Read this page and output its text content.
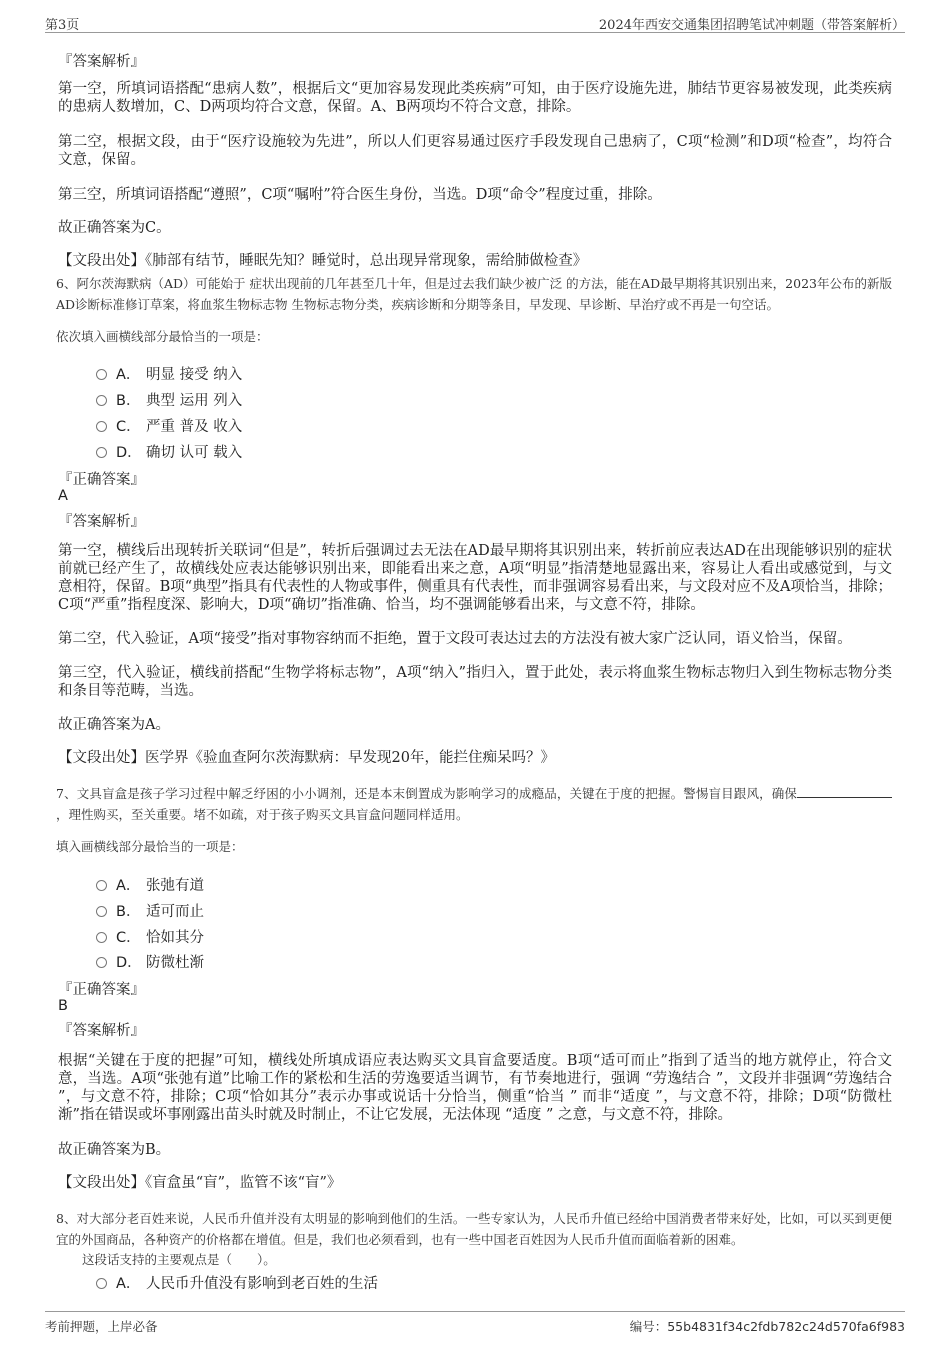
第3页	2024年西安交通集团招聘笔试冲刺题（带答案解析）
『答案解析』
第一空，所填词语搭配“患病人数”，根据后文“更加容易发现此类疾病”可知，由于医疗设施先进，肺结节更容易被发现，此类疾病的患病人数增加，C、D两项均符合文意，保留。A、B两项均不符合文意，排除。
第二空，根据文段，由于“医疗设施较为先进”，所以人们更容易通过医疗手段发现自己患病了，C项“检测”和D项“检查”，均符合文意，保留。
第三空，所填词语搭配“遵照”，C项“嘱咐”符合医生身份，当选。D项“命令”程度过重，排除。
故正确答案为C。
【文段出处】《肺部有结节，睡眠先知？睡觉时，总出现异常现象，需给肺做检查》
6、阿尔茨海默病（AD）可能始于 症状出现前的几年甚至几十年，但是过去我们缺少被广泛 的方法，能在AD最早期将其识别出来，2023年公布的新版AD诊断标准修订草案，将血浆生物标志物 生物标志物分类，疾病诊断和分期等条目，早发现、早诊断、早治疗或不再是一句空话。
依次填入画横线部分最恰当的一项是：
A． 明显 接受 纳入
B． 典型 运用 列入
C． 严重 普及 收入
D． 确切 认可 载入
『正确答案』
A
『答案解析』
第一空，横线后出现转折关联词“但是”，转折后强调过去无法在AD最早期将其识别出来，转折前应表达AD在出现能够识别的症状前就已经产生了，故横线处应表达能够识别出来，即能看出来之意，A项“明显”指清楚地显露出来，容易让人看出或感觉到，与文意相符，保留。B项“典型”指具有代表性的人物或事件，侧重具有代表性，而非强调容易看出来，与文段对应不及A项恰当，排除；C项“严重”指程度深、影响大，D项“确切”指准确、恰当，均不强调能够看出来，与文意不符，排除。
第二空，代入验证，A项“接受”指对事物容纳而不拒绝，置于文段可表达过去的方法没有被大家广泛认同，语义恰当，保留。
第三空，代入验证，横线前搭配“生物学将标志物”，A项“纳入”指归入，置于此处，表示将血浆生物标志物归入到生物标志物分类和条目等范畴，当选。
故正确答案为A。
【文段出处】医学界《验血查阿尔茨海默病：早发现20年，能拦住痴呆吗？》
7、文具盲盒是孩子学习过程中解乏纾困的小小调剂，还是本末倒置成为影响学习的成瘾品，关键在于度的把握。警惕盲目跟风，确保，理性购买，至关重要。堵不如疏，对于孩子购买文具盲盒问题同样适用。
填入画横线部分最恰当的一项是：
A． 张弛有道
B． 适可而止
C． 恰如其分
D． 防微杜渐
『正确答案』
B
『答案解析』
根据“关键在于度的把握”可知，横线处所填成语应表达购买文具盲盒要适度。B项“适可而止”指到了适当的地方就停止，符合文意，当选。A项“张弛有道”比喻工作的紧松和生活的劳逸要适当调节，有节奏地进行，强调 “劳逸结合 ”，文段并非强调“劳逸结合 ”，与文意不符，排除；C项“恰如其分”表示办事或说话十分恰当，侧重“恰当 ” 而非“适度 ”，与文意不符，排除；D项“防微杜渐”指在错误或坏事刚露出苗头时就及时制止，不让它发展，无法体现 “适度 ” 之意，与文意不符，排除。
故正确答案为B。
【文段出处】《盲盒虽“盲”，监管不该“盲”》
8、对大部分老百姓来说，人民币升值并没有太明显的影响到他们的生活。一些专家认为，人民币升值已经给中国消费者带来好处，比如，可以买到更便宜的外国商品，各种资产的价格都在增值。但是，我们也必须看到，也有一些中国老百姓因为人民币升值而面临着新的困难。
这段话支持的主要观点是（　　）。
A． 人民币升值没有影响到老百姓的生活
考前押题，上岸必备	编号：55b4831f34c2fdb782c24d570fa6f983
